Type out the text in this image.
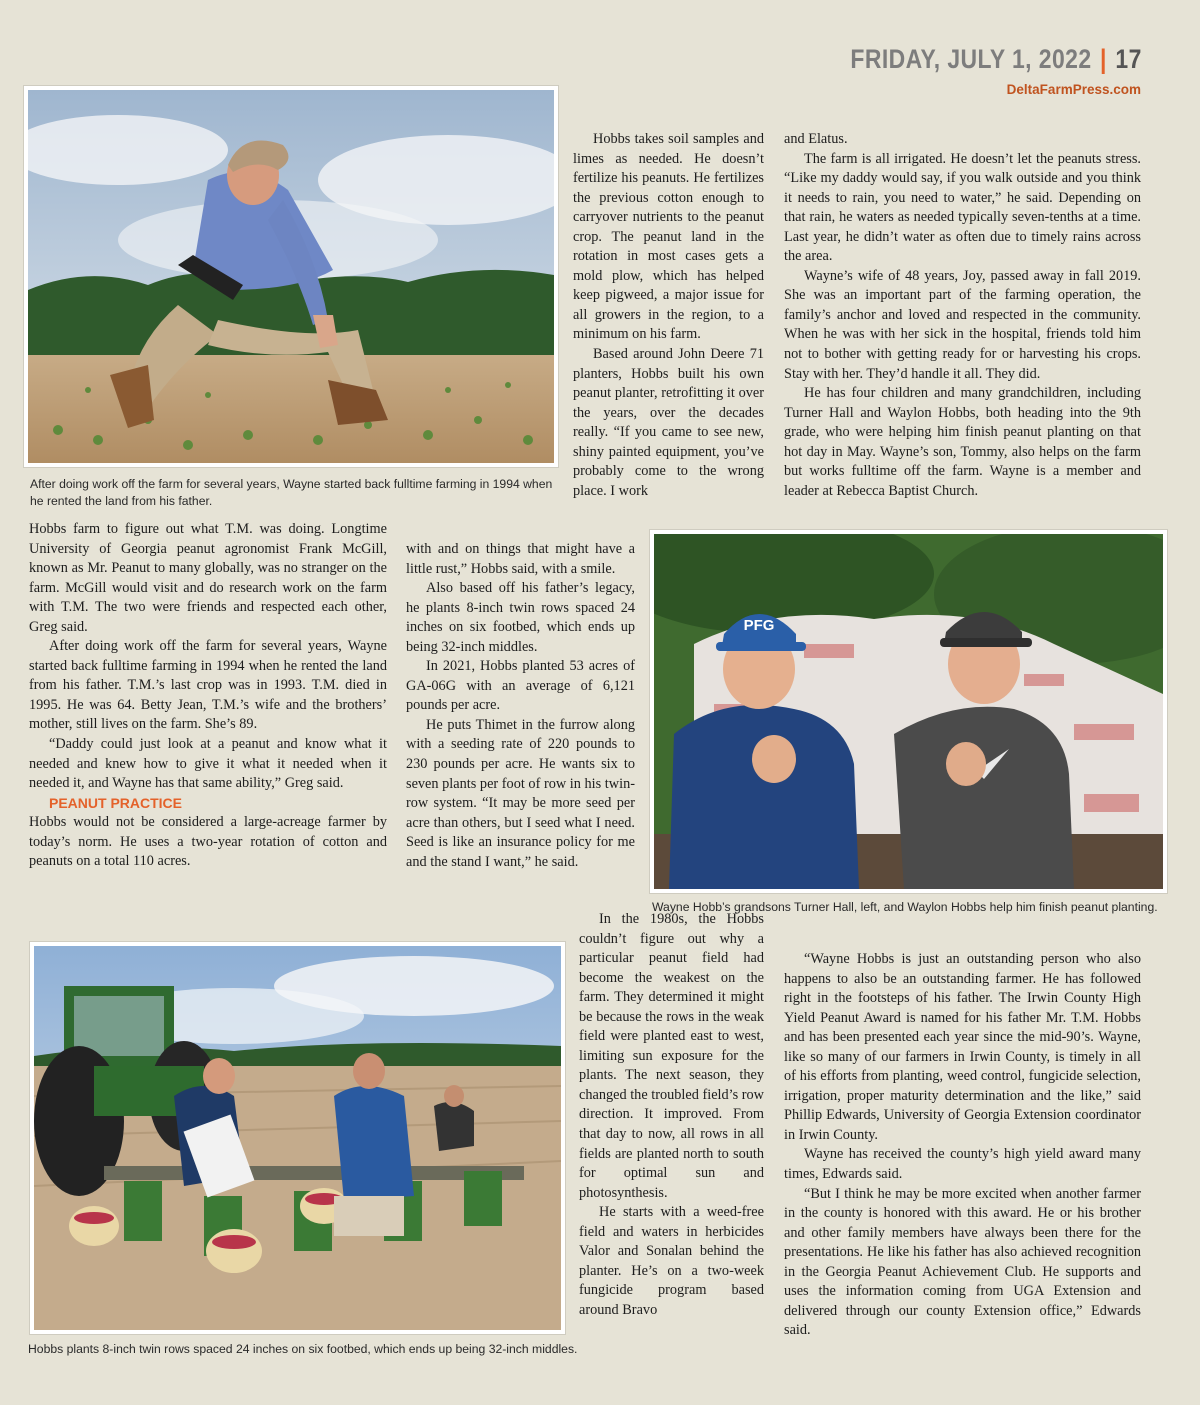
FRIDAY, JULY 1, 2022 | 17
DeltaFarmPress.com
After doing work off the farm for several years, Wayne started back fulltime farming in 1994 when he rented the land from his father.
PFG
Wayne Hobb’s grandsons Turner Hall, left, and Waylon Hobbs help him finish peanut planting.
Hobbs plants 8-inch twin rows spaced 24 inches on six footbed, which ends up being 32-inch middles.

Hobbs farm to figure out what T.M. was doing. Longtime University of Georgia peanut agronomist Frank McGill, known as Mr. Peanut to many globally, was no stranger on the farm. McGill would visit and do research work on the farm with T.M. The two were friends and respected each other, Greg said.

After doing work off the farm for several years, Wayne started back fulltime farming in 1994 when he rented the land from his father. T.M.’s last crop was in 1993. T.M. died in 1995. He was 64. Betty Jean, T.M.’s wife and the brothers’ mother, still lives on the farm. She’s 89.

“Daddy could just look at a peanut and know what it needed and knew how to give it what it needed when it needed it, and Wayne has that same ability,” Greg said.

PEANUT PRACTICE

Hobbs would not be considered a large-acreage farmer by today’s norm. He uses a two-year rotation of cotton and peanuts on a total 110 acres.

with and on things that might have a little rust,” Hobbs said, with a smile.

Also based off his father’s legacy, he plants 8-inch twin rows spaced 24 inches on six footbed, which ends up being 32-inch middles.

In 2021, Hobbs planted 53 acres of GA-06G with an average of 6,121 pounds per acre.

He puts Thimet in the furrow along with a seeding rate of 220 pounds to 230 pounds per acre. He wants six to seven plants per foot of row in his twin-row system. “It may be more seed per acre than others, but I seed what I need. Seed is like an insurance policy for me and the stand I want,” he said.

Hobbs takes soil samples and limes as needed. He doesn’t fertilize his peanuts. He fertilizes the previous cotton enough to carryover nutrients to the peanut crop. The peanut land in the rotation in most cases gets a mold plow, which has helped keep pigweed, a major issue for all growers in the region, to a minimum on his farm.

Based around John Deere 71 planters, Hobbs built his own peanut planter, retrofitting it over the years, over the decades really. “If you came to see new, shiny painted equipment, you’ve probably come to the wrong place. I work

In the 1980s, the Hobbs couldn’t figure out why a particular peanut field had become the weakest on the farm. They determined it might be because the rows in the weak field were planted east to west, limiting sun exposure for the plants. The next season, they changed the troubled field’s row direction. It improved. From that day to now, all rows in all fields are planted north to south for optimal sun and photosynthesis.

He starts with a weed-free field and waters in herbicides Valor and Sonalan behind the planter. He’s on a two-week fungicide program based around Bravo

and Elatus.

The farm is all irrigated. He doesn’t let the peanuts stress. “Like my daddy would say, if you walk outside and you think it needs to rain, you need to water,” he said. Depending on that rain, he waters as needed typically seven-tenths at a time. Last year, he didn’t water as often due to timely rains across the area.

Wayne’s wife of 48 years, Joy, passed away in fall 2019. She was an important part of the farming operation, the family’s anchor and loved and respected in the community. When he was with her sick in the hospital, friends told him not to bother with getting ready for or harvesting his crops. Stay with her. They’d handle it all. They did.

He has four children and many grandchildren, including Turner Hall and Waylon Hobbs, both heading into the 9th grade, who were helping him finish peanut planting on that hot day in May. Wayne’s son, Tommy, also helps on the farm but works fulltime off the farm. Wayne is a member and leader at Rebecca Baptist Church.

“Wayne Hobbs is just an outstanding person who also happens to also be an outstanding farmer. He has followed right in the footsteps of his father. The Irwin County High Yield Peanut Award is named for his father Mr. T.M. Hobbs and has been presented each year since the mid-90’s. Wayne, like so many of our farmers in Irwin County, is timely in all of his efforts from planting, weed control, fungicide selection, irrigation, proper maturity determination and the like,” said Phillip Edwards, University of Georgia Extension coordinator in Irwin County.

Wayne has received the county’s high yield award many times, Edwards said.

“But I think he may be more excited when another farmer in the county is honored with this award. He or his brother and other family members have always been there for the presentations. He like his father has also achieved recognition in the Georgia Peanut Achievement Club. He supports and uses the information coming from UGA Extension and delivered through our county Extension office,” Edwards said.
